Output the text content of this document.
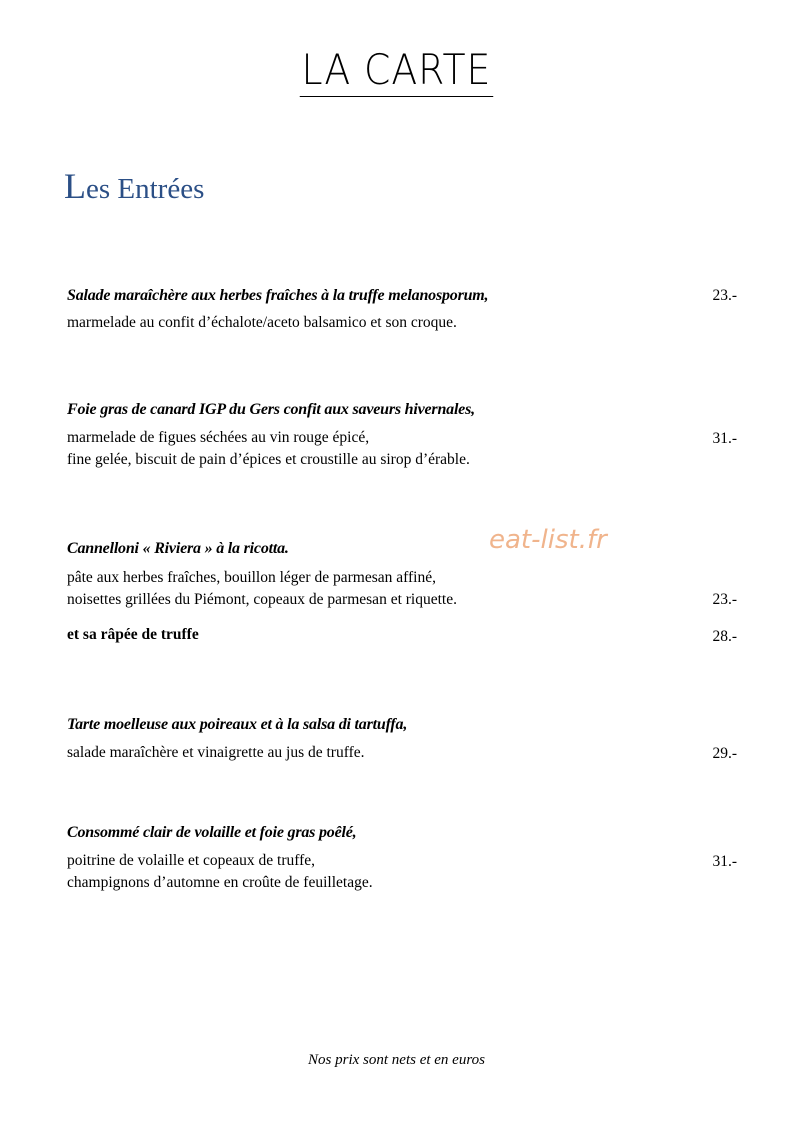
LA CARTE
Les Entrées
Salade maraîchère aux herbes fraîches à la truffe melanosporum,	23.-
marmelade au confit d’échalote/aceto balsamico et son croque.
Foie gras de canard IGP du Gers confit aux saveurs hivernales,
31.-
marmelade de figues séchées au vin rouge épicé,
fine gelée, biscuit de pain d’épices et croustille au sirop d’érable.
Cannelloni « Riviera » à la ricotta.
23.-
pâte aux herbes fraîches, bouillon léger de parmesan affiné,
noisettes grillées du Piémont, copeaux de parmesan et riquette.
et sa râpée de truffe	28.-
Tarte moelleuse aux poireaux et à la salsa di tartuffa,
29.-
salade maraîchère et vinaigrette au jus de truffe.
Consommé clair de volaille et foie gras poêlé,
31.-
poitrine de volaille et copeaux de truffe,
champignons d’automne en croûte de feuilletage.
eat-list.fr
Nos prix sont nets et en euros
